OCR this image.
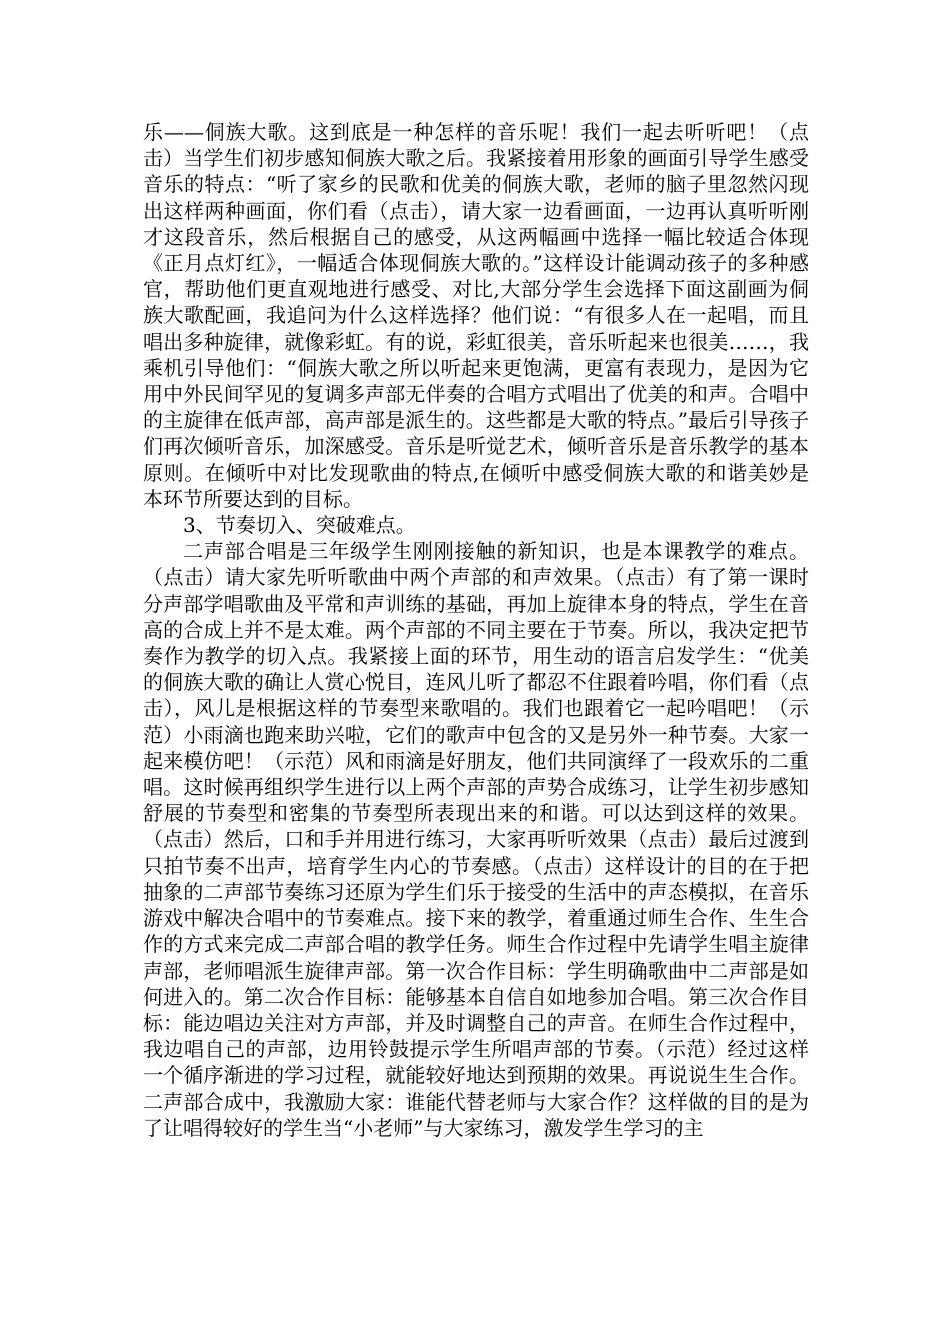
乐——侗族大歌。这到底是一种怎样的音乐呢！我们一起去听听吧！（点击）当学生们初步感知侗族大歌之后。我紧接着用形象的画面引导学生感受音乐的特点：“听了家乡的民歌和优美的侗族大歌，老师的脑子里忽然闪现出这样两种画面，你们看（点击），请大家一边看画面，一边再认真听听刚才这段音乐，然后根据自己的感受，从这两幅画中选择一幅比较适合体现《正月点灯红》，一幅适合体现侗族大歌的。”这样设计能调动孩子的多种感官，帮助他们更直观地进行感受、对比,大部分学生会选择下面这副画为侗族大歌配画，我追问为什么这样选择？他们说：“有很多人在一起唱，而且唱出多种旋律，就像彩虹。有的说，彩虹很美，音乐听起来也很美……，我乘机引导他们：“侗族大歌之所以听起来更饱满，更富有表现力，是因为它用中外民间罕见的复调多声部无伴奏的合唱方式唱出了优美的和声。合唱中的主旋律在低声部，高声部是派生的。这些都是大歌的特点。”最后引导孩子们再次倾听音乐，加深感受。音乐是听觉艺术，倾听音乐是音乐教学的基本原则。在倾听中对比发现歌曲的特点,在倾听中感受侗族大歌的和谐美妙是本环节所要达到的目标。

3、节奏切入、突破难点。

二声部合唱是三年级学生刚刚接触的新知识，也是本课教学的难点。（点击）请大家先听听歌曲中两个声部的和声效果。（点击）有了第一课时分声部学唱歌曲及平常和声训练的基础，再加上旋律本身的特点，学生在音高的合成上并不是太难。两个声部的不同主要在于节奏。所以，我决定把节奏作为教学的切入点。我紧接上面的环节，用生动的语言启发学生：“优美的侗族大歌的确让人赏心悦目，连风儿听了都忍不住跟着吟唱，你们看（点击），风儿是根据这样的节奏型来歌唱的。我们也跟着它一起吟唱吧！（示范）小雨滴也跑来助兴啦，它们的歌声中包含的又是另外一种节奏。大家一起来模仿吧！（示范）风和雨滴是好朋友，他们共同演绎了一段欢乐的二重唱。这时候再组织学生进行以上两个声部的声势合成练习，让学生初步感知舒展的节奏型和密集的节奏型所表现出来的和谐。可以达到这样的效果。（点击）然后，口和手并用进行练习，大家再听听效果（点击）最后过渡到只拍节奏不出声，培育学生内心的节奏感。（点击）这样设计的目的在于把抽象的二声部节奏练习还原为学生们乐于接受的生活中的声态模拟，在音乐游戏中解决合唱中的节奏难点。接下来的教学，着重通过师生合作、生生合作的方式来完成二声部合唱的教学任务。师生合作过程中先请学生唱主旋律声部，老师唱派生旋律声部。第一次合作目标：学生明确歌曲中二声部是如何进入的。第二次合作目标：能够基本自信自如地参加合唱。第三次合作目标：能边唱边关注对方声部，并及时调整自己的声音。在师生合作过程中，我边唱自己的声部，边用铃鼓提示学生所唱声部的节奏。（示范）经过这样一个循序渐进的学习过程，就能较好地达到预期的效果。再说说生生合作。二声部合成中，我激励大家：谁能代替老师与大家合作？这样做的目的是为了让唱得较好的学生当“小老师”与大家练习，激发学生学习的主
